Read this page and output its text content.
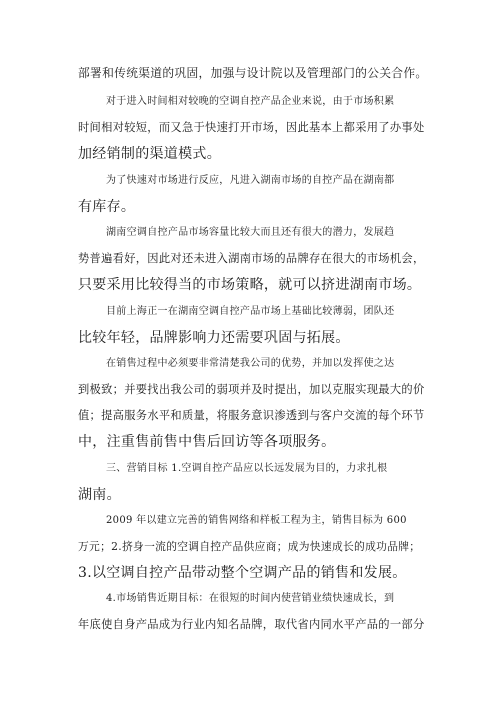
部署和传统渠道的巩固，加强与设计院以及管理部门的公关合作。

对于进入时间相对较晚的空调自控产品企业来说，由于市场积累
时间相对较短，而又急于快速打开市场，因此基本上都采用了办事处
加经销制的渠道模式。

为了快速对市场进行反应，凡进入湖南市场的自控产品在湖南都
有库存。

湖南空调自控产品市场容量比较大而且还有很大的潜力，发展趋
势普遍看好，因此对还未进入湖南市场的品牌存在很大的市场机会，
只要采用比较得当的市场策略，就可以挤进湖南市场。

目前上海正一在湖南空调自控产品市场上基础比较薄弱，团队还
比较年轻，品牌影响力还需要巩固与拓展。

在销售过程中必须要非常清楚我公司的优势，并加以发挥使之达
到极致；并要找出我公司的弱项并及时提出，加以克服实现最大的价
值；提高服务水平和质量，将服务意识渗透到与客户交流的每个环节
中，注重售前售中售后回访等各项服务。

三、营销目标 1.空调自控产品应以长远发展为目的，力求扎根
湖南。

2009 年以建立完善的销售网络和样板工程为主，销售目标为 600
万元；2.挤身一流的空调自控产品供应商；成为快速成长的成功品牌；
3.以空调自控产品带动整个空调产品的销售和发展。

4.市场销售近期目标：在很短的时间内使营销业绩快速成长，到
年底使自身产品成为行业内知名品牌，取代省内同水平产品的一部分
